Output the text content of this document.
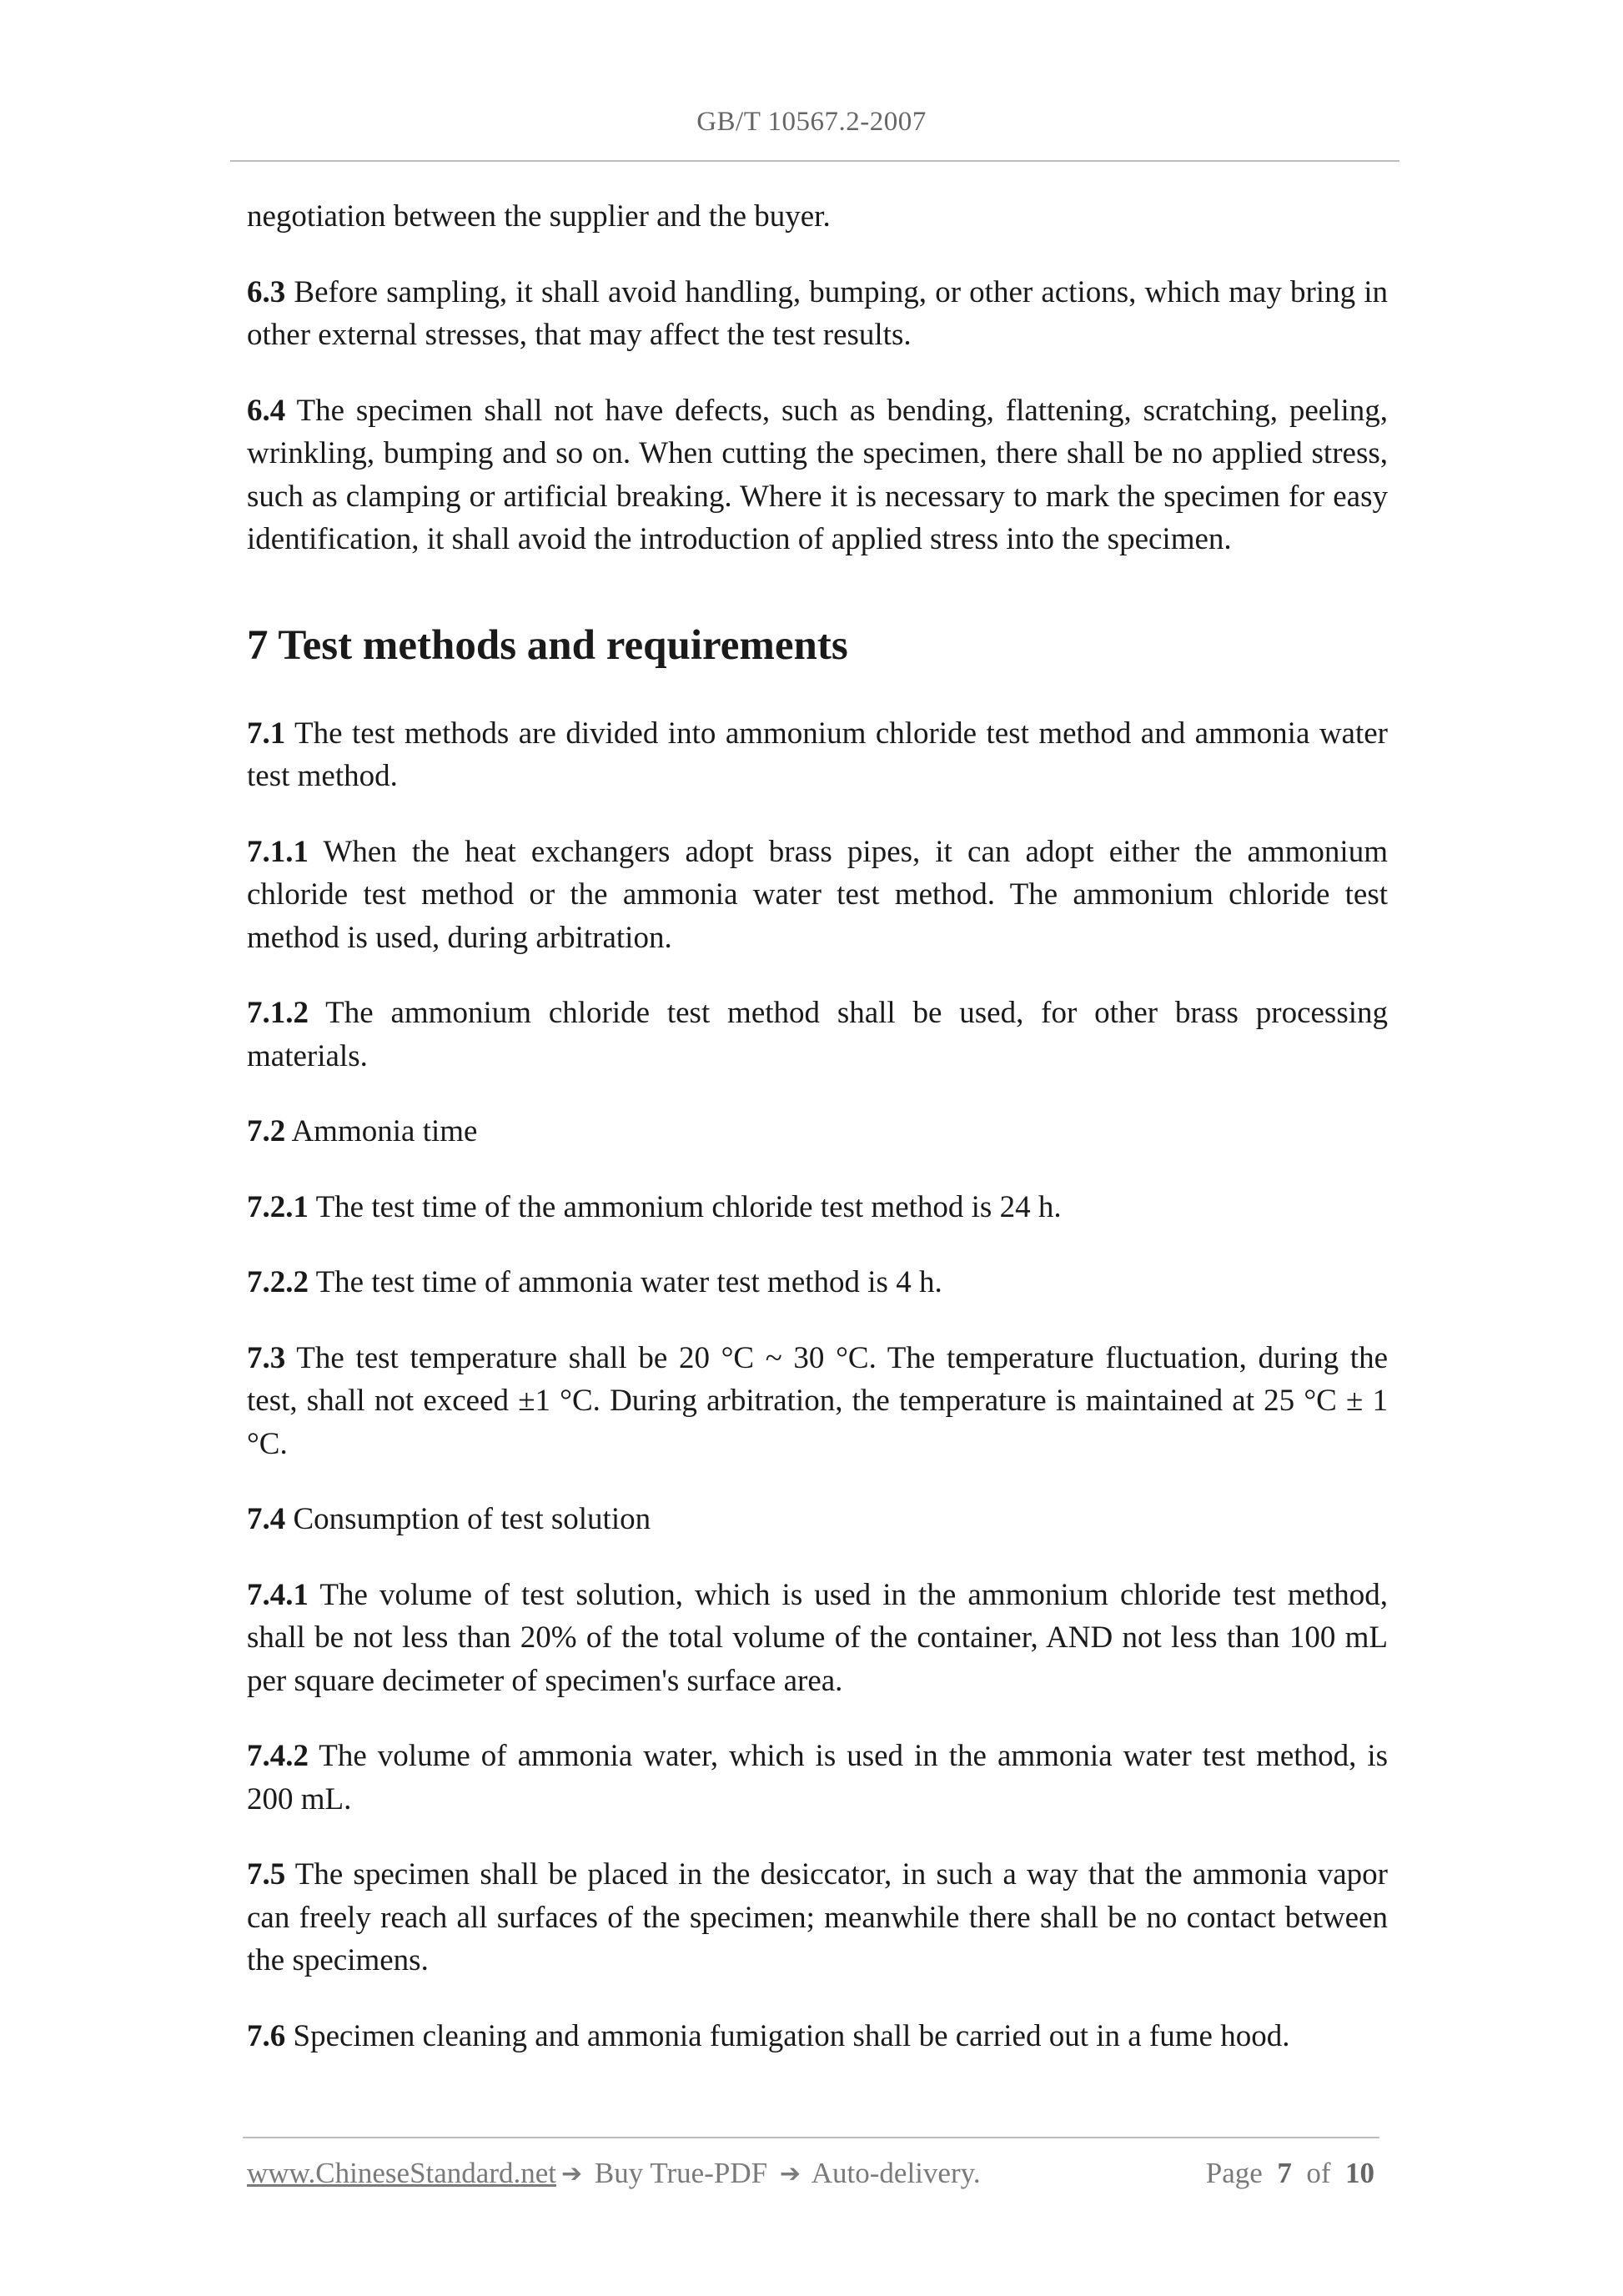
GB/T 10567.2-2007

negotiation between the supplier and the buyer.

6.3 Before sampling, it shall avoid handling, bumping, or other actions, which may bring in other external stresses, that may affect the test results.

6.4 The specimen shall not have defects, such as bending, flattening, scratching, peeling, wrinkling, bumping and so on. When cutting the specimen, there shall be no applied stress, such as clamping or artificial breaking. Where it is necessary to mark the specimen for easy identification, it shall avoid the introduction of applied stress into the specimen.

7 Test methods and requirements

7.1 The test methods are divided into ammonium chloride test method and ammonia water test method.

7.1.1 When the heat exchangers adopt brass pipes, it can adopt either the ammonium chloride test method or the ammonia water test method. The ammonium chloride test method is used, during arbitration.

7.1.2 The ammonium chloride test method shall be used, for other brass processing materials.

7.2 Ammonia time

7.2.1 The test time of the ammonium chloride test method is 24 h.

7.2.2 The test time of ammonia water test method is 4 h.

7.3 The test temperature shall be 20 °C ~ 30 °C. The temperature fluctuation, during the test, shall not exceed ±1 °C. During arbitration, the temperature is maintained at 25 °C ± 1 °C.

7.4 Consumption of test solution

7.4.1 The volume of test solution, which is used in the ammonium chloride test method, shall be not less than 20% of the total volume of the container, AND not less than 100 mL per square decimeter of specimen's surface area.

7.4.2 The volume of ammonia water, which is used in the ammonia water test method, is 200 mL.

7.5 The specimen shall be placed in the desiccator, in such a way that the ammonia vapor can freely reach all surfaces of the specimen; meanwhile there shall be no contact between the specimens.

7.6 Specimen cleaning and ammonia fumigation shall be carried out in a fume hood.

www.ChineseStandard.net ➔ Buy True-PDF ➔ Auto-delivery.	Page 7 of 10
